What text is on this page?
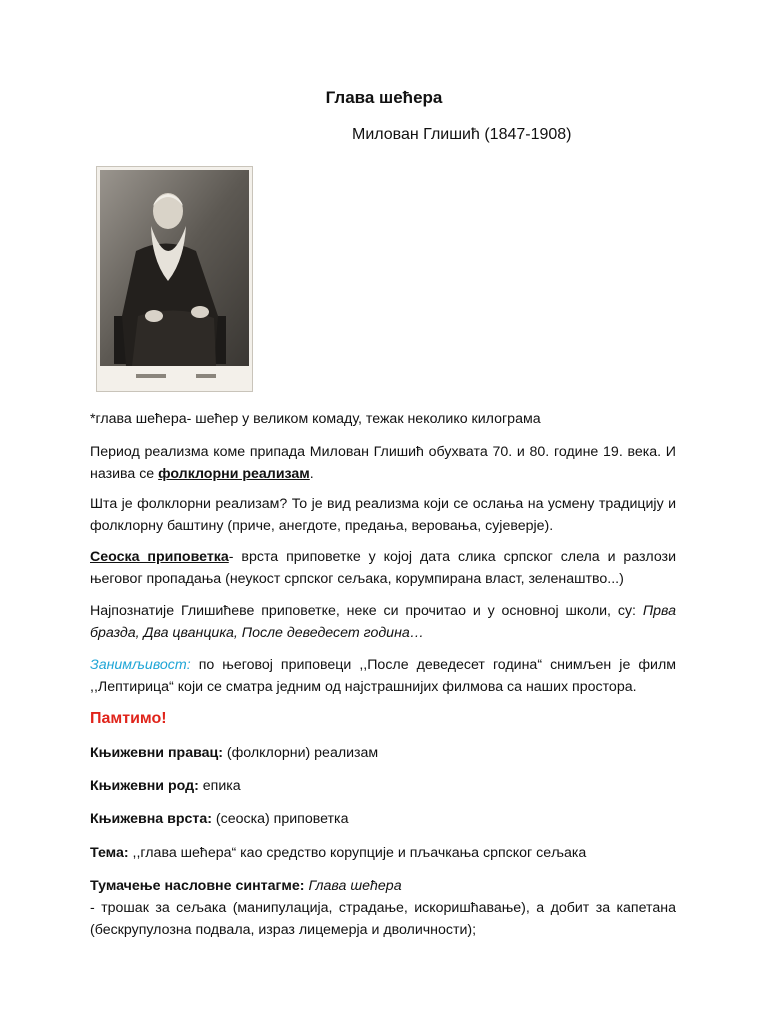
Глава шећера
Милован Глишић (1847-1908)
*глава шећера- шећер у великом комаду, тежак неколико килограма
Период реализма коме припада Милован Глишић обухвата 70. и 80. године 19. века. И назива се фолклорни реализам.
Шта је фолклорни реализам? То је вид реализма који се ослања на усмену традицију и фолклорну баштину (приче, анегдоте, предања, веровања, сујеверје).
Сеоска приповетка- врста приповетке у којој дата слика српског слела и разлози његовог пропадања (неукост српског сељака, корумпирана власт, зеленаштво...)
Најпознатије Глишићеве приповетке, неке си прочитао и у основној школи, су: Прва бразда, Два цванцика, После деведесет година…
Занимљивост: по његовој приповеци ,,После деведесет година“ снимљен је филм ,,Лептирица“ који се сматра једним од најстрашнијих филмова са наших простора.
Памтимо!
Књижевни правац: (фолклорни) реализам
Књижевни род: епика
Књижевна врста: (сеоска) приповетка
Тема: ,,глава шећера“ као средство корупције и пљачкања српског сељака
Тумачење насловне синтагме: Глава шећера
- трошак за сељака (манипулација, страдање, искоришћавање), а добит за капетана (бескрупулозна подвала, израз лицемерја и дволичности);
